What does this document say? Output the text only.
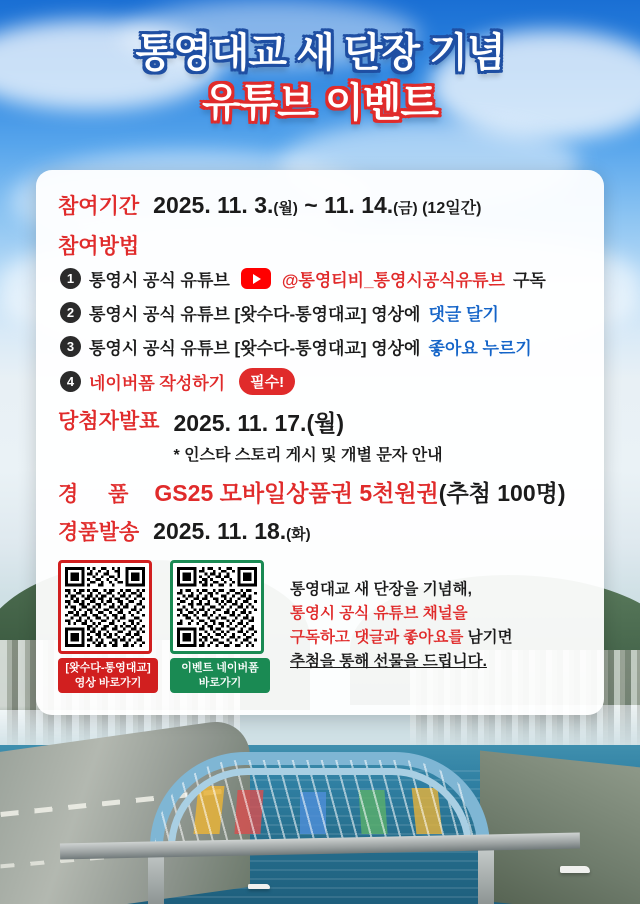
통영대교 새 단장 기념
유튜브 이벤트
참여기간 2025. 11. 3.(월) ~ 11. 14.(금) (12일간)
참여방법
1 통영시 공식 유튜브	@통영티비_통영시공식유튜브 구독
2 통영시 공식 유튜브 [왓수다-통영대교] 영상에 댓글 달기
3 통영시 공식 유튜브 [왓수다-통영대교] 영상에 좋아요 누르기
4 네이버폼 작성하기	필수!
당첨자발표 2025. 11. 17.(월)
* 인스타 스토리 게시 및 개별 문자 안내
경 품 GS25 모바일상품권 5천원권(추첨 100명)
경품발송 2025. 11. 18.(화)
[왓수다-통영대교]
영상 바로가기
이벤트 네이버폼
바로가기
통영대교 새 단장을 기념해,
통영시 공식 유튜브 채널을
구독하고 댓글과 좋아요를 남기면
추첨을 통해 선물을 드립니다.
